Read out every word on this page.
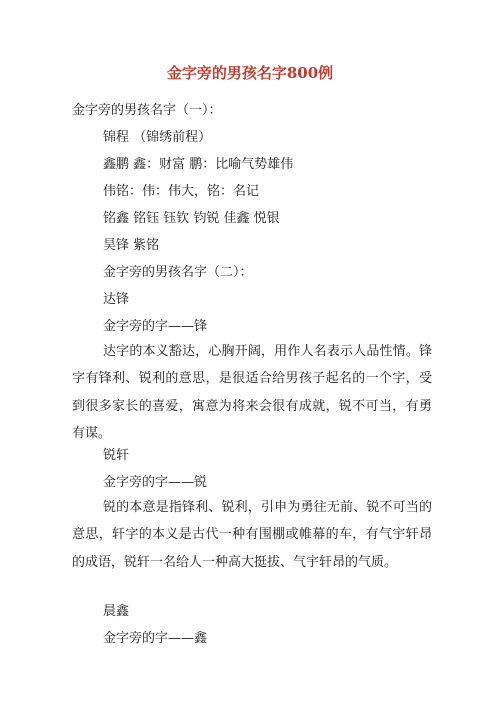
金字旁的男孩名字800例
金字旁的男孩名字（一）：
锦程 （锦绣前程）
鑫鹏 鑫：财富 鹏：比喻气势雄伟
伟铭：伟：伟大，铭：名记
铭鑫 铭钰 钰钦 钧锐 佳鑫 悦银
昊锋 紫铭
金字旁的男孩名字（二）：
达锋
金字旁的字——锋
达字的本义豁达，心胸开阔，用作人名表示人品性情。锋字有锋利、锐利的意思，是很适合给男孩子起名的一个字，受到很多家长的喜爱，寓意为将来会很有成就，锐不可当，有勇有谋。
锐轩
金字旁的字——锐
锐的本意是指锋利、锐利，引申为勇往无前、锐不可当的意思，轩字的本义是古代一种有围棚或帷幕的车，有气宇轩昂的成语，锐轩一名给人一种高大挺拔、气宇轩昂的气质。
晨鑫
金字旁的字——鑫
